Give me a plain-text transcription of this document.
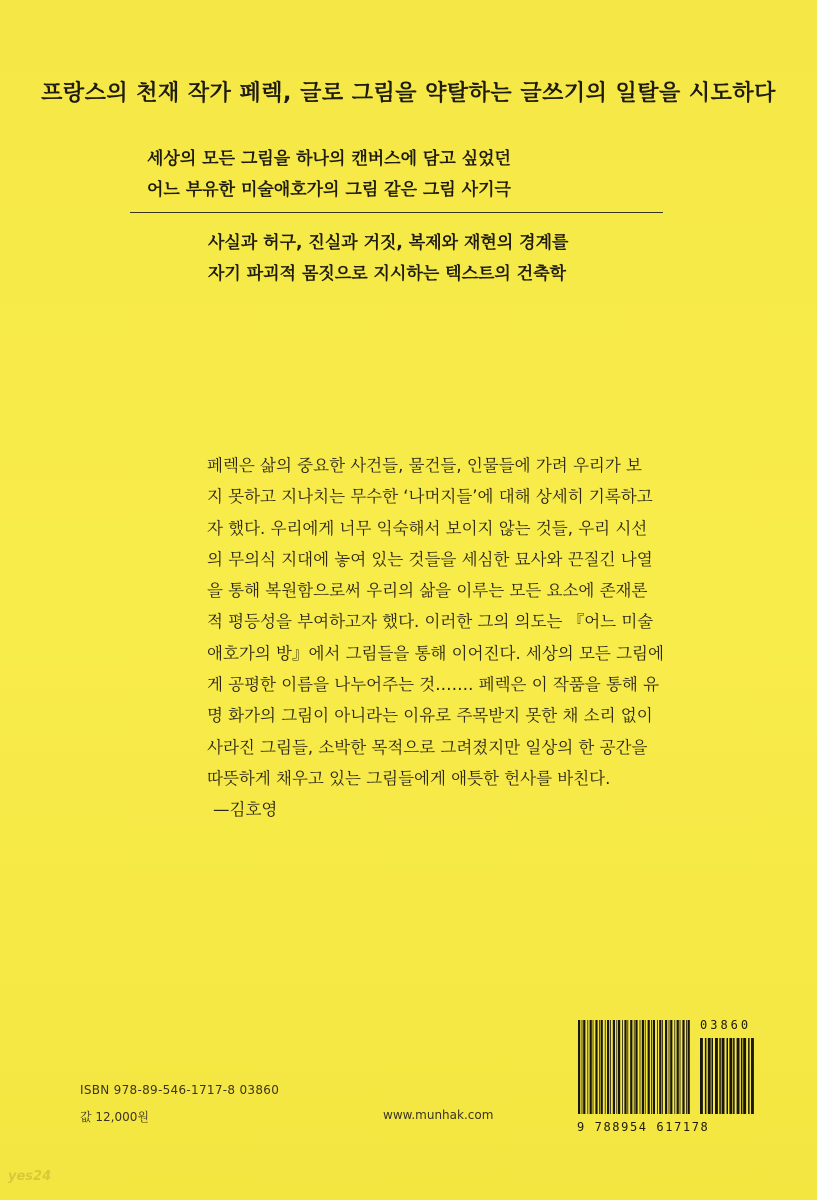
프랑스의 천재 작가 페렉, 글로 그림을 약탈하는 글쓰기의 일탈을 시도하다
세상의 모든 그림을 하나의 캔버스에 담고 싶었던
어느 부유한 미술애호가의 그림 같은 그림 사기극
사실과 허구, 진실과 거짓, 복제와 재현의 경계를
자기 파괴적 몸짓으로 지시하는 텍스트의 건축학
페렉은 삶의 중요한 사건들, 물건들, 인물들에 가려 우리가 보
지 못하고 지나치는 무수한 ‘나머지들’에 대해 상세히 기록하고
자 했다. 우리에게 너무 익숙해서 보이지 않는 것들, 우리 시선
의 무의식 지대에 놓여 있는 것들을 세심한 묘사와 끈질긴 나열
을 통해 복원함으로써 우리의 삶을 이루는 모든 요소에 존재론
적 평등성을 부여하고자 했다. 이러한 그의 의도는 『어느 미술
애호가의 방』에서 그림들을 통해 이어진다. 세상의 모든 그림에
게 공평한 이름을 나누어주는 것……. 페렉은 이 작품을 통해 유
명 화가의 그림이 아니라는 이유로 주목받지 못한 채 소리 없이
사라진 그림들, 소박한 목적으로 그려졌지만 일상의 한 공간을
따뜻하게 채우고 있는 그림들에게 애틋한 헌사를 바친다.
—김호영
03860
9 788954 617178
ISBN 978-89-546-1717-8 03860
값 12,000원	www.munhak.com
yes24
